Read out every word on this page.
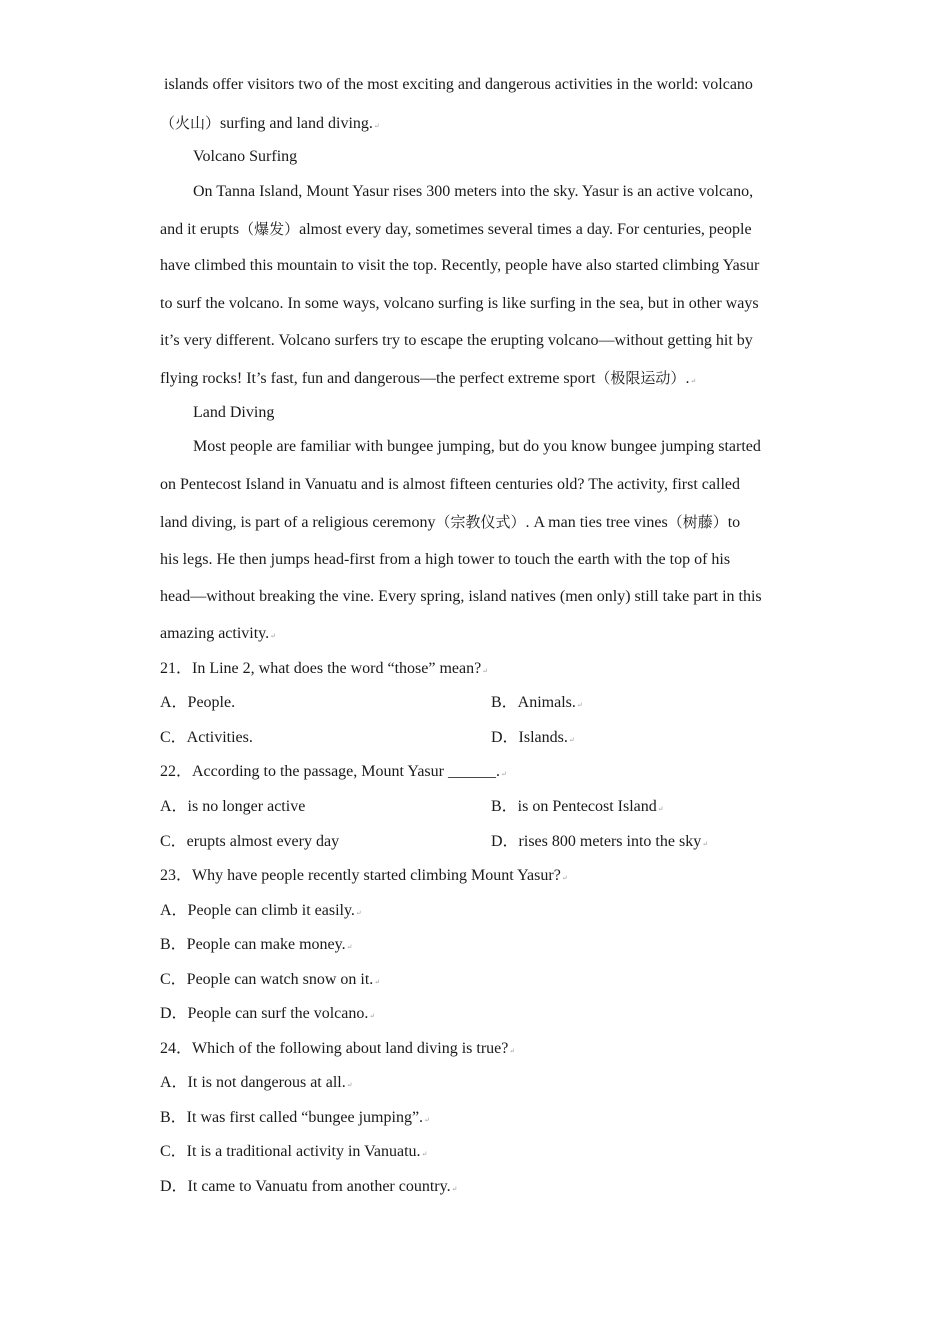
islands offer visitors two of the most exciting and dangerous activities in the world: volcano
（火山）surfing and land diving.↵
Volcano Surfing
On Tanna Island, Mount Yasur rises 300 meters into the sky. Yasur is an active volcano,
and it erupts（爆发）almost every day, sometimes several times a day. For centuries, people
have climbed this mountain to visit the top. Recently, people have also started climbing Yasur
to surf the volcano. In some ways, volcano surfing is like surfing in the sea, but in other ways
it’s very different. Volcano surfers try to escape the erupting volcano—without getting hit by
flying rocks! It’s fast, fun and dangerous—the perfect extreme sport（极限运动）.↵
Land Diving
Most people are familiar with bungee jumping, but do you know bungee jumping started
on Pentecost Island in Vanuatu and is almost fifteen centuries old? The activity, first called
land diving, is part of a religious ceremony（宗教仪式）. A man ties tree vines（树藤）to
his legs. He then jumps head-first from a high tower to touch the earth with the top of his
head—without breaking the vine. Every spring, island natives (men only) still take part in this
amazing activity.↵
21．In Line 2, what does the word “those” mean?↵
A．People.	B．Animals.↵
C．Activities.	D．Islands.↵
22．According to the passage, Mount Yasur ______.↵
A．is no longer active	B．is on Pentecost Island↵
C．erupts almost every day	D．rises 800 meters into the sky↵
23．Why have people recently started climbing Mount Yasur?↵
A．People can climb it easily.↵
B．People can make money.↵
C．People can watch snow on it.↵
D．People can surf the volcano.↵
24．Which of the following about land diving is true?↵
A．It is not dangerous at all.↵
B．It was first called “bungee jumping”.↵
C．It is a traditional activity in Vanuatu.↵
D．It came to Vanuatu from another country.↵
